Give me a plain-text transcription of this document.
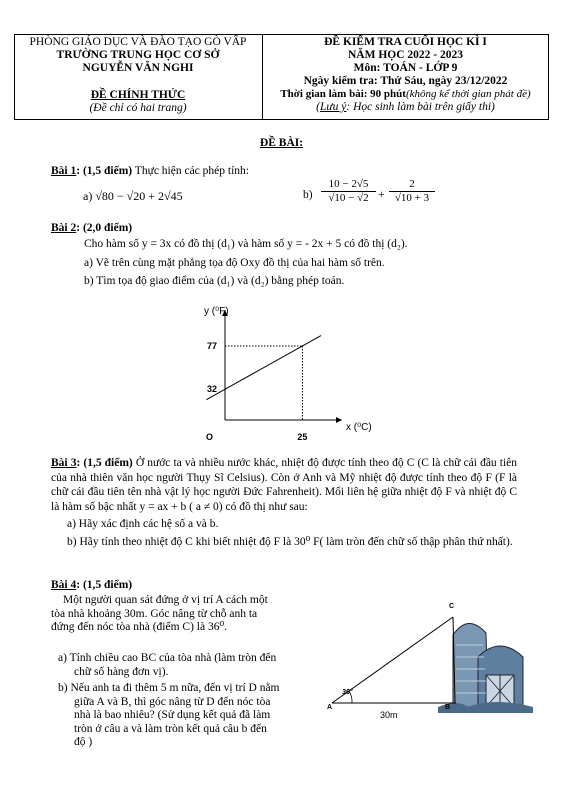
PHÒNG GIÁO DỤC VÀ ĐÀO TẠO GÒ VẤP
TRƯỜNG TRUNG HỌC CƠ SỞ
NGUYỄN VĂN NGHI
ĐỀ CHÍNH THỨC
(Đề chỉ có hai trang)
ĐỀ KIỂM TRA CUỐI HỌC KÌ I
NĂM HỌC 2022 - 2023
Môn: TOÁN - LỚP 9
Ngày kiểm tra: Thứ Sáu, ngày 23/12/2022
Thời gian làm bài: 90 phút(không kể thời gian phát đề)
(Lưu ý: Học sinh làm bài trên giấy thi)
ĐỀ BÀI:
Bài 1: (1,5 điểm) Thực hiện các phép tính:
a) √80 − √20 + 2√45	b)
10 − 2√5
√10 − √2 +
2
√10 + 3
Bài 2: (2,0 điểm)
Cho hàm số y = 3x có đồ thị (d₁) và hàm số y = - 2x + 5 có đồ thị (d₂).
a) Vẽ trên cùng mặt phẳng tọa độ Oxy đồ thị của hai hàm số trên.
b) Tìm tọa độ giao điểm của (d₁) và (d₂) bằng phép toán.
y (⁰F)
x (⁰C)
O
32
77
25
Bài 3: (1,5 điểm) Ở nước ta và nhiều nước khác, nhiệt độ được tính theo độ C (C là chữ cái đầu tiên của nhà thiên văn học người Thụy Sĩ Celsius). Còn ở Anh và Mỹ nhiệt độ được tính theo độ F (F là chữ cái đầu tiên tên nhà vật lý học người Đức Fahrenheit). Mối liên hệ giữa nhiệt độ F và nhiệt độ C là hàm số bậc nhất y = ax + b ( a ≠ 0) có đồ thị như sau:
a) Hãy xác định các hệ số a và b.
b) Hãy tính theo nhiệt độ C khi biết nhiệt độ F là 30⁰ F( làm tròn đến chữ số thập phân thứ nhất).
Bài 4: (1,5 điểm)
Một người quan sát đứng ở vị trí A cách một tòa nhà khoảng 30m. Góc nâng từ chỗ anh ta đứng đến nóc tòa nhà (điểm C) là 36⁰.
a) Tính chiều cao BC của tòa nhà (làm tròn đến chữ số hàng đơn vị).
b) Nếu anh ta đi thêm 5 m nữa, đến vị trí D nằm giữa A và B, thì góc nâng từ D đến nóc tòa nhà là bao nhiêu? (Sử dụng kết quả đã làm tròn ở câu a và làm tròn kết quả câu b đến độ )
A	B
C
36°
30m
